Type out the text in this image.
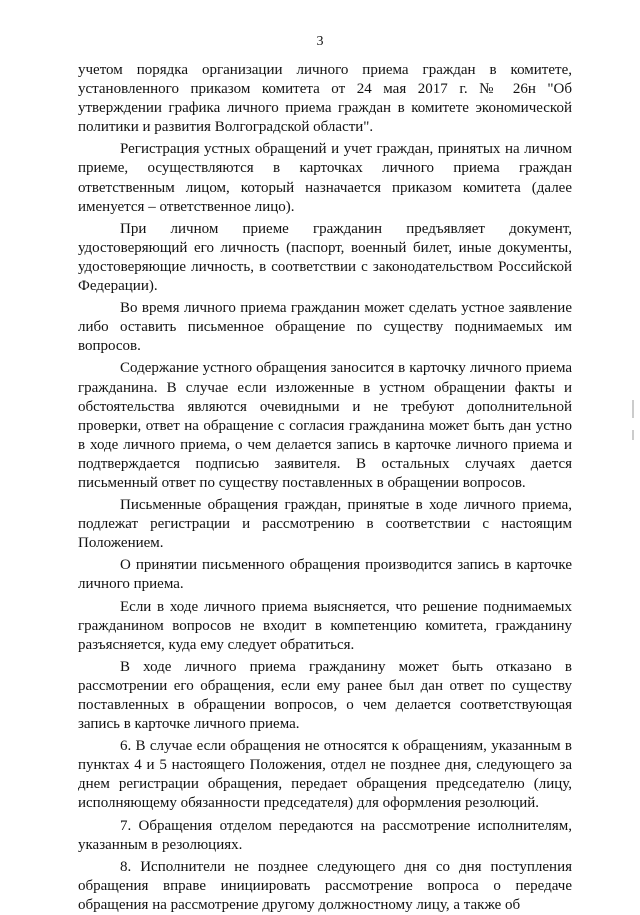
3

учетом порядка организации личного приема граждан в комитете, установленного приказом комитета от 24 мая 2017 г. № 26н "Об утверждении графика личного приема граждан в комитете экономической политики и развития Волгоградской области".

Регистрация устных обращений и учет граждан, принятых на личном приеме, осуществляются в карточках личного приема граждан ответственным лицом, который назначается приказом комитета (далее именуется – ответственное лицо).

При личном приеме гражданин предъявляет документ, удостоверяющий его личность (паспорт, военный билет, иные документы, удостоверяющие личность, в соответствии с законодательством Российской Федерации).

Во время личного приема гражданин может сделать устное заявление либо оставить письменное обращение по существу поднимаемых им вопросов.

Содержание устного обращения заносится в карточку личного приема гражданина. В случае если изложенные в устном обращении факты и обстоятельства являются очевидными и не требуют дополнительной проверки, ответ на обращение с согласия гражданина может быть дан устно в ходе личного приема, о чем делается запись в карточке личного приема и подтверждается подписью заявителя. В остальных случаях дается письменный ответ по существу поставленных в обращении вопросов.

Письменные обращения граждан, принятые в ходе личного приема, подлежат регистрации и рассмотрению в соответствии с настоящим Положением.

О принятии письменного обращения производится запись в карточке личного приема.

Если в ходе личного приема выясняется, что решение поднимаемых гражданином вопросов не входит в компетенцию комитета, гражданину разъясняется, куда ему следует обратиться.

В ходе личного приема гражданину может быть отказано в рассмотрении его обращения, если ему ранее был дан ответ по существу поставленных в обращении вопросов, о чем делается соответствующая запись в карточке личного приема.

6. В случае если обращения не относятся к обращениям, указанным в пунктах 4 и 5 настоящего Положения, отдел не позднее дня, следующего за днем регистрации обращения, передает обращения председателю (лицу, исполняющему обязанности председателя) для оформления резолюций.

7. Обращения отделом передаются на рассмотрение исполнителям, указанным в резолюциях.

8. Исполнители не позднее следующего дня со дня поступления обращения вправе инициировать рассмотрение вопроса о передаче обращения на рассмотрение другому должностному лицу, а также об
